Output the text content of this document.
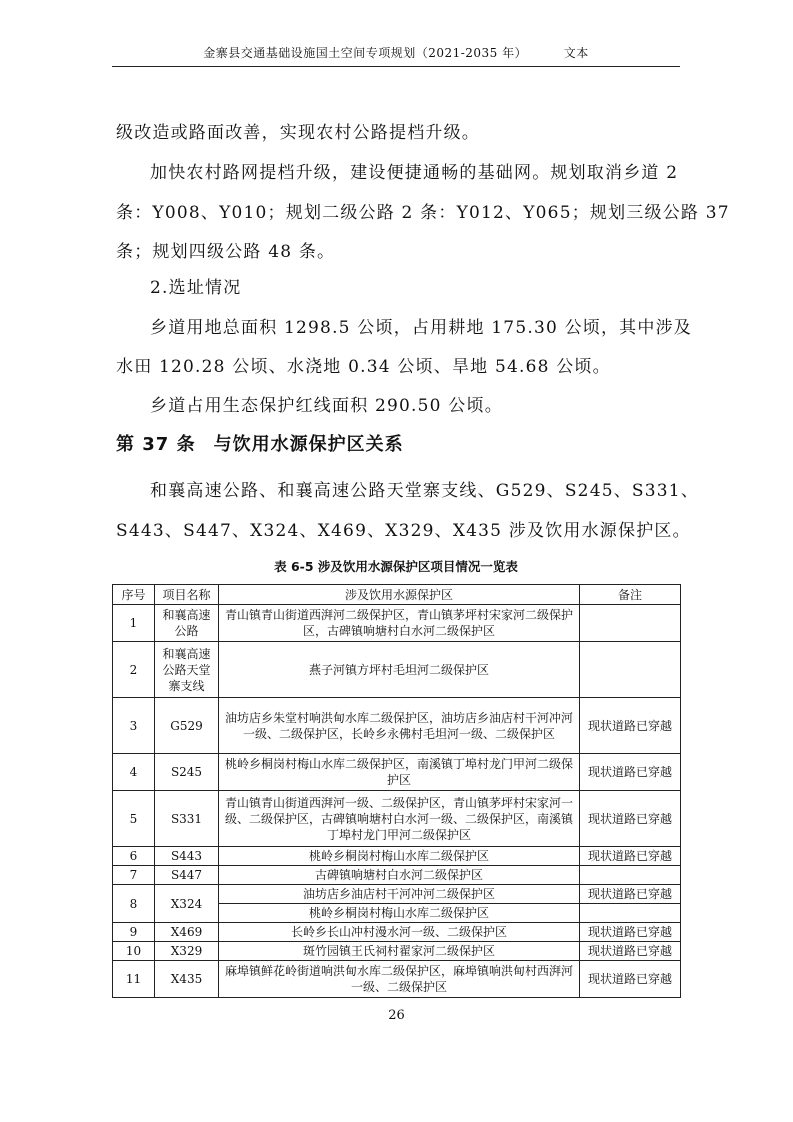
金寨县交通基础设施国土空间专项规划（2021-2035 年）	文本
级改造或路面改善，实现农村公路提档升级。
加快农村路网提档升级，建设便捷通畅的基础网。规划取消乡道 2
条：Y008、Y010；规划二级公路 2 条：Y012、Y065；规划三级公路 37
条；规划四级公路 48 条。
2.选址情况
乡道用地总面积 1298.5 公顷，占用耕地 175.30 公顷，其中涉及
水田 120.28 公顷、水浇地 0.34 公顷、旱地 54.68 公顷。
乡道占用生态保护红线面积 290.50 公顷。
第 37 条 与饮用水源保护区关系
和襄高速公路、和襄高速公路天堂寨支线、G529、S245、S331、
S443、S447、X324、X469、X329、X435 涉及饮用水源保护区。
表 6-5 涉及饮用水源保护区项目情况一览表
序号	项目名称	涉及饮用水源保护区	备注
1	和襄高速公路	青山镇青山街道西湃河二级保护区，青山镇茅坪村宋家河二级保护区，古碑镇响塘村白水河二级保护区	
2	和襄高速公路天堂寨支线	燕子河镇方坪村毛坦河二级保护区	
3	G529	油坊店乡朱堂村响洪甸水库二级保护区，油坊店乡油店村干河冲河一级、二级保护区，长岭乡永佛村毛坦河一级、二级保护区	现状道路已穿越
4	S245	桃岭乡桐岗村梅山水库二级保护区，南溪镇丁埠村龙门甲河二级保护区	现状道路已穿越
5	S331	青山镇青山街道西湃河一级、二级保护区，青山镇茅坪村宋家河一级、二级保护区，古碑镇响塘村白水河一级、二级保护区，南溪镇丁埠村龙门甲河二级保护区	现状道路已穿越
6	S443	桃岭乡桐岗村梅山水库二级保护区	现状道路已穿越
7	S447	古碑镇响塘村白水河二级保护区	
8	X324	油坊店乡油店村干河冲河二级保护区	现状道路已穿越
		桃岭乡桐岗村梅山水库二级保护区	
9	X469	长岭乡长山冲村漫水河一级、二级保护区	现状道路已穿越
10	X329	斑竹园镇王氏祠村翟家河二级保护区	现状道路已穿越
11	X435	麻埠镇鲜花岭街道响洪甸水库二级保护区，麻埠镇响洪甸村西湃河一级、二级保护区	现状道路已穿越
26
